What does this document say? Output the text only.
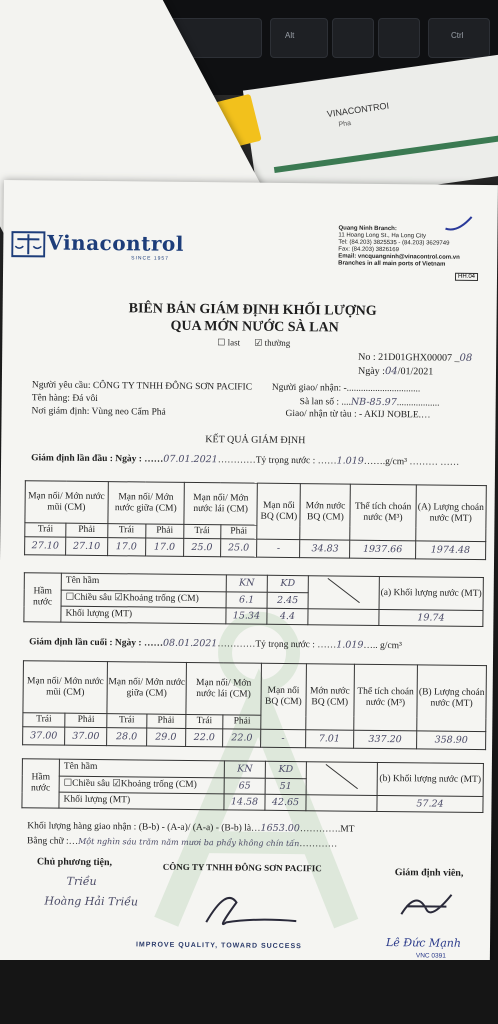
Alt	Ctrl
VINACONTROI
Pha
Vinacontrol
SINCE 1957
Quang Ninh Branch:
11 Hoang Long St., Ha Long City
Tel: (84.203) 3825535 - (84.203) 3629749
Fax: (84.203) 3826169
Email: vncquangninh@vinacontrol.com.vn
Branches in all main ports of Vietnam
HH.04
BIÊN BẢN GIÁM ĐỊNH KHỐI LƯỢNG
QUA MỚN NƯỚC SÀ LAN
☐ last ☑ thường
No : 21D01GHX00007 _08
Ngày :04/01/2021
Người yêu cầu: CÔNG TY TNHH ĐÔNG SƠN PACIFIC
Tên hàng: Đá vôi
Nơi giám định: Vùng neo Cẩm Phả
Người giao/ nhận: -...............................
Sà lan số : ....NB-85.97..................
Giao/ nhận từ tàu : - AKIJ NOBLE.…
KẾT QUẢ GIÁM ĐỊNH
Giám định lần đầu : Ngày : ……07.01.2021…………Tỷ trọng nước : ……1.019…….g/cm³ ……… ……
Mạn nối/ Mớn nước mũi (CM)		Mạn nối/ Mớn nước giữa (CM)		Mạn nối/ Mớn nước lái (CM)		Mạn nối BQ (CM)	Mớn nước BQ (CM)	Thể tích choán nước (M³)	(A) Lượng choán nước (MT)
Trái	Phải	Trái	Phải	Trái	Phải				
27.10	27.10	17.0	17.0	25.0	25.0	-	34.83	1937.66	1974.48
Hầm nước	Tên hầm	KN	KD		(a) Khối lượng nước (MT)
	☐Chiều sâu ☑Khoảng trống (CM)	6.1	2.45		
	Khối lượng (MT)	15.34	4.4		19.74
Giám định lần cuối : Ngày : ……08.01.2021…………Tỷ trọng nước : ……1.019….. g/cm³
Mạn nối/ Mớn nước mũi (CM)		Mạn nối/ Mớn nước giữa (CM)		Mạn nối/ Mớn nước lái (CM)		Mạn nối BQ (CM)	Mớn nước BQ (CM)	Thể tích choán nước (M³)	(B) Lượng choán nước (MT)
Trái	Phải	Trái	Phải	Trái	Phải				
37.00	37.00	28.0	29.0	22.0	22.0	-	7.01	337.20	358.90
Hầm nước	Tên hầm	KN	KD		(b) Khối lượng nước (MT)
	☐Chiều sâu ☑Khoảng trống (CM)	65	51		
	Khối lượng (MT)	14.58	42.65		57.24
Khối lượng hàng giao nhận : (B-b) - (A-a)/ (A-a) - (B-b) là…1653.00………….MT
Bằng chữ :…Một nghìn sáu trăm năm mươi ba phẩy không chín tấn…………
Chủ phương tiện,	CÔNG TY TNHH ĐÔNG SƠN PACIFIC	Giám định viên,
Triều
Hoàng Hải Triều
IMPROVE QUALITY, TOWARD SUCCESS	Lê Đức Mạnh
VNC 0391
